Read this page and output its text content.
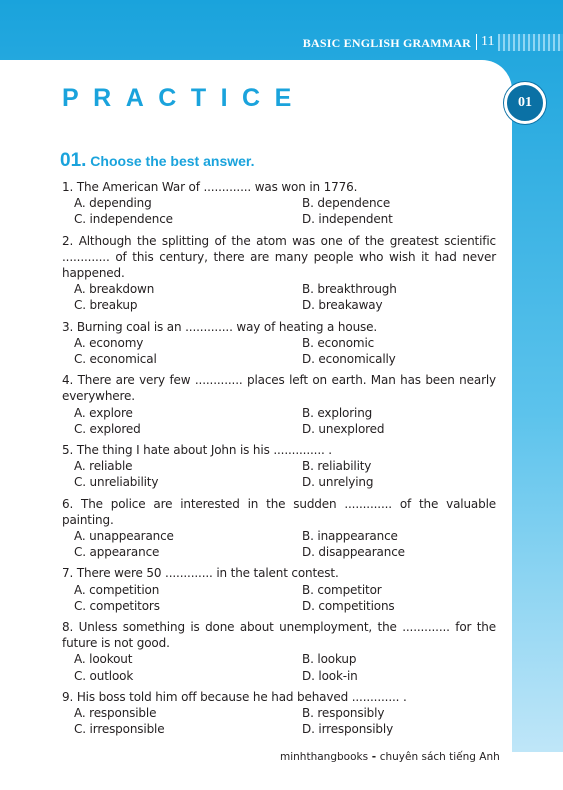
BASIC ENGLISH GRAMMAR 11
PRACTICE	01
01. Choose the best answer.
1. The American War of ............. was won in 1776.
A. depending	B. dependence
C. independence	D. independent
2. Although the splitting of the atom was one of the greatest scientific ............. of this century, there are many people who wish it had never happened.
A. breakdown	B. breakthrough
C. breakup	D. breakaway
3. Burning coal is an ............. way of heating a house.
A. economy	B. economic
C. economical	D. economically
4. There are very few ............. places left on earth. Man has been nearly everywhere.
A. explore	B. exploring
C. explored	D. unexplored
5. The thing I hate about John is his .............. .
A. reliable	B. reliability
C. unreliability	D. unrelying
6. The police are interested in the sudden ............. of the valuable painting.
A. unappearance	B. inappearance
C. appearance	D. disappearance
7. There were 50 ............. in the talent contest.
A. competition	B. competitor
C. competitors	D. competitions
8. Unless something is done about unemployment, the ............. for the future is not good.
A. lookout	B. lookup
C. outlook	D. look-in
9. His boss told him off because he had behaved ............. .
A. responsible	B. responsibly
C. irresponsible	D. irresponsibly
minhthangbooks - chuyên sách tiếng Anh
